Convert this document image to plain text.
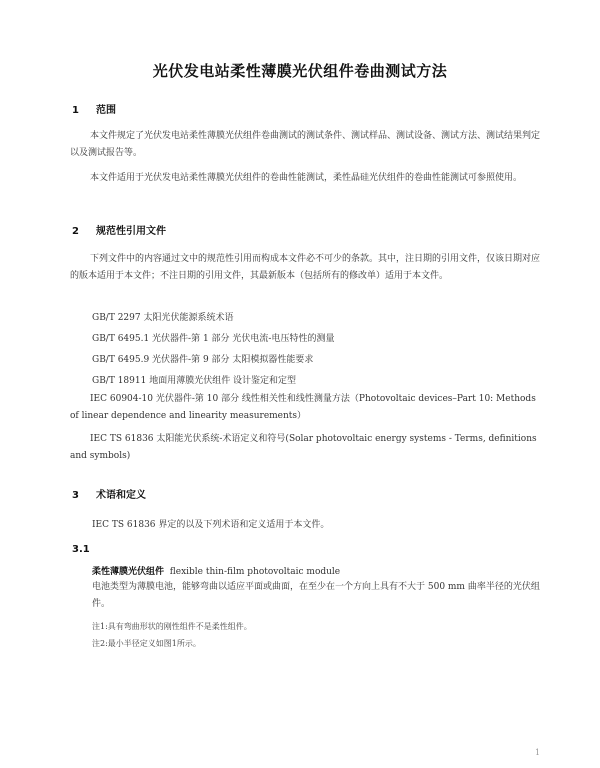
光伏发电站柔性薄膜光伏组件卷曲测试方法
1 范围

本文件规定了光伏发电站柔性薄膜光伏组件卷曲测试的测试条件、测试样品、测试设备、测试方法、测试结果判定以及测试报告等。

本文件适用于光伏发电站柔性薄膜光伏组件的卷曲性能测试，柔性晶硅光伏组件的卷曲性能测试可参照使用。

2 规范性引用文件

下列文件中的内容通过文中的规范性引用而构成本文件必不可少的条款。其中，注日期的引用文件，仅该日期对应的版本适用于本文件；不注日期的引用文件，其最新版本（包括所有的修改单）适用于本文件。

GB/T 2297 太阳光伏能源系统术语
GB/T 6495.1 光伏器件-第 1 部分 光伏电流-电压特性的测量
GB/T 6495.9 光伏器件-第 9 部分 太阳模拟器性能要求
GB/T 18911 地面用薄膜光伏组件 设计鉴定和定型

IEC 60904-10 光伏器件-第 10 部分 线性相关性和线性测量方法（Photovoltaic devices–Part 10: Methods of linear dependence and linearity measurements）

IEC TS 61836 太阳能光伏系统-术语定义和符号(Solar photovoltaic energy systems - Terms, definitions and symbols)

3 术语和定义
IEC TS 61836 界定的以及下列术语和定义适用于本文件。
3.1
柔性薄膜光伏组件 flexible thin-film photovoltaic module

电池类型为薄膜电池，能够弯曲以适应平面或曲面，在至少在一个方向上具有不大于 500 mm 曲率半径的光伏组件。

注1:具有弯曲形状的刚性组件不是柔性组件。
注2:最小半径定义如图1所示。
1
